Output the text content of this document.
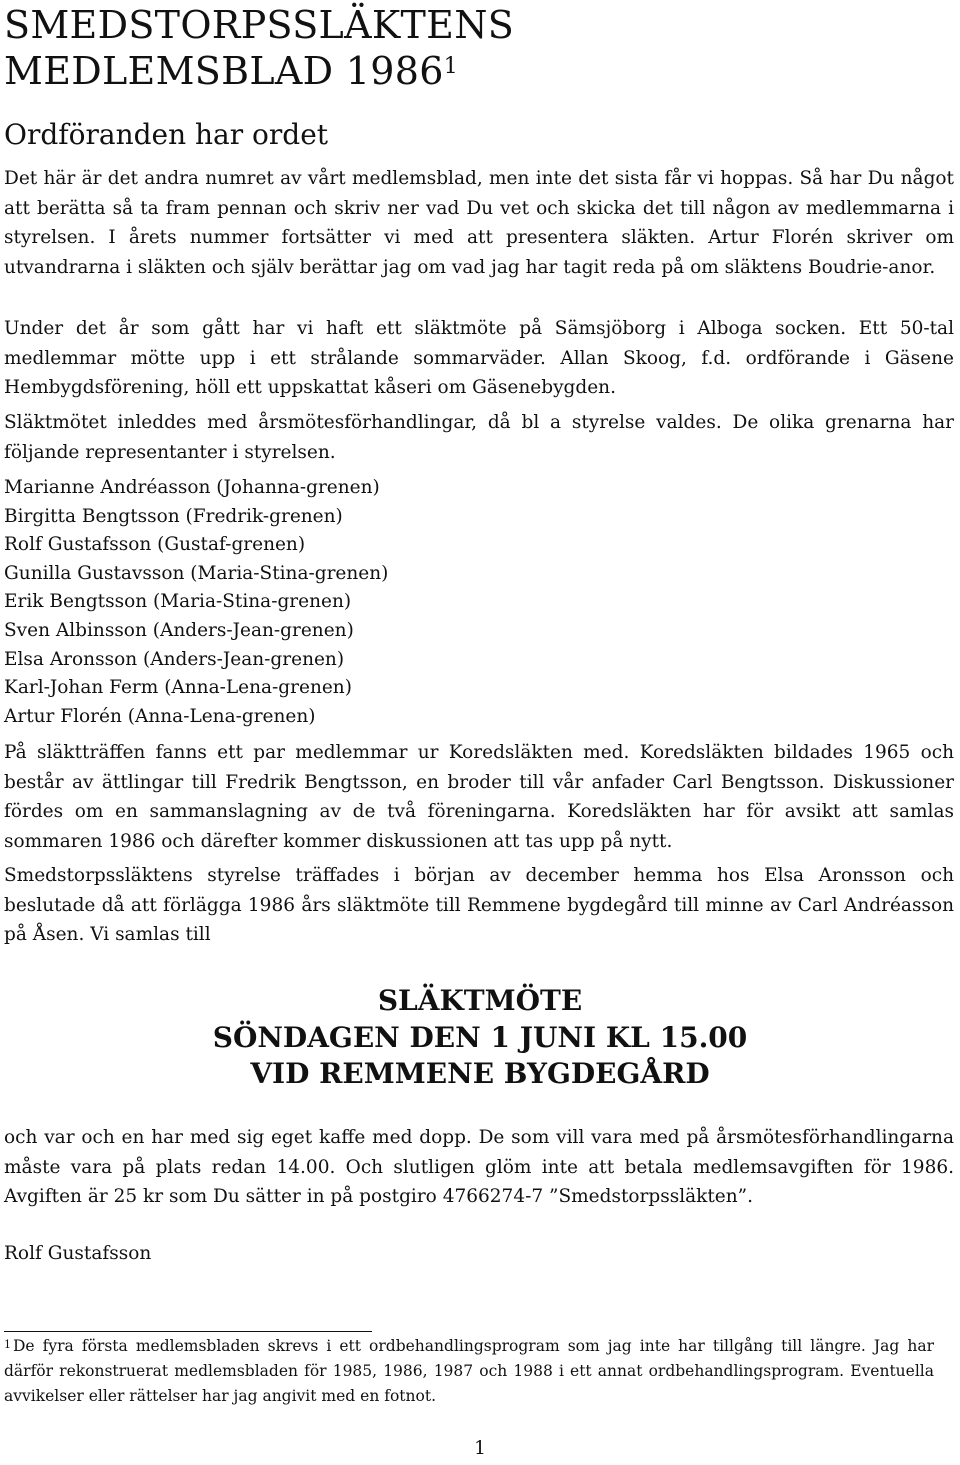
SMEDSTORPSSLÄKTENS
MEDLEMSBLAD 1986$^1$
Ordföranden har ordet

Det här är det andra numret av vårt medlemsblad, men inte det sista får vi hoppas. Så har Du något att berätta så ta fram pennan och skriv ner vad Du vet och skicka det till någon av medlemmarna i styrelsen. I årets nummer fortsätter vi med att presentera släkten. Artur Florén skriver om utvandrarna i släkten och själv berättar jag om vad jag har tagit reda på om släktens Boudrie-anor.

Under det år som gått har vi haft ett släktmöte på Sämsjöborg i Alboga socken. Ett 50-tal medlemmar mötte upp i ett strålande sommarväder. Allan Skoog, f.d. ordförande i Gäsene Hembygdsförening, höll ett uppskattat kåseri om Gäsenebygden.

Släktmötet inleddes med årsmötesförhandlingar, då bl a styrelse valdes. De olika grenarna har följande representanter i styrelsen.

Marianne Andréasson (Johanna-grenen)
Birgitta Bengtsson (Fredrik-grenen)
Rolf Gustafsson (Gustaf-grenen)
Gunilla Gustavsson (Maria-Stina-grenen)
Erik Bengtsson (Maria-Stina-grenen)
Sven Albinsson (Anders-Jean-grenen)
Elsa Aronsson (Anders-Jean-grenen)
Karl-Johan Ferm (Anna-Lena-grenen)
Artur Florén (Anna-Lena-grenen)

På släktträffen fanns ett par medlemmar ur Koredsläkten med. Koredsläkten bildades 1965 och består av ättlingar till Fredrik Bengtsson, en broder till vår anfader Carl Bengtsson. Diskussioner fördes om en sammanslagning av de två föreningarna. Koredsläkten har för avsikt att samlas sommaren 1986 och därefter kommer diskussionen att tas upp på nytt.

Smedstorpssläktens styrelse träffades i början av december hemma hos Elsa Aronsson och beslutade då att förlägga 1986 års släktmöte till Remmene bygdegård till minne av Carl Andréasson på Åsen. Vi samlas till

SLÄKTMÖTE
SÖNDAGEN DEN 1 JUNI KL 15.00
VID REMMENE BYGDEGÅRD

och var och en har med sig eget kaffe med dopp. De som vill vara med på årsmötesförhandlingarna måste vara på plats redan 14.00. Och slutligen glöm inte att betala medlemsavgiften för 1986. Avgiften är 25 kr som Du sätter in på postgiro 4766274-7 ”Smedstorpssläkten”.

Rolf Gustafsson

$^1$ De fyra första medlemsbladen skrevs i ett ordbehandlingsprogram som jag inte har tillgång till längre. Jag har därför rekonstruerat medlemsbladen för 1985, 1986, 1987 och 1988 i ett annat ordbehandlingsprogram. Eventuella avvikelser eller rättelser har jag angivit med en fotnot.

1
